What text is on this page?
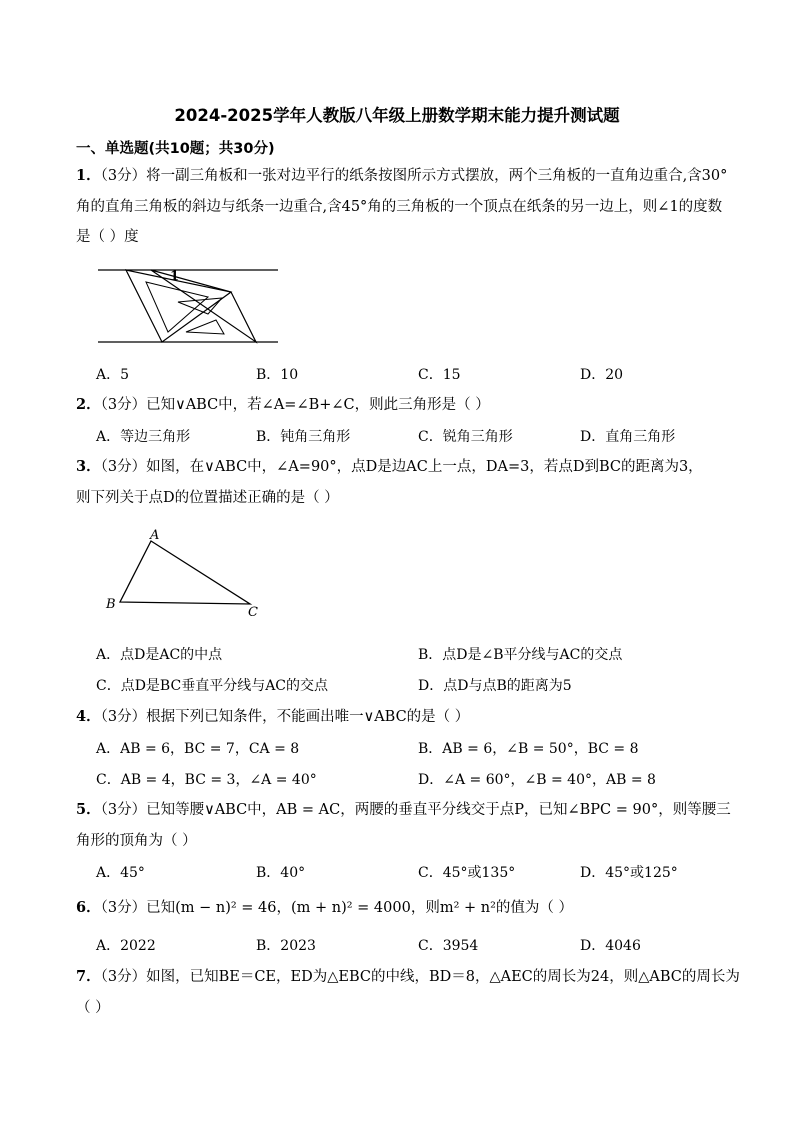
2024-2025学年人教版八年级上册数学期末能力提升测试题
一、单选题(共10题；共30分)
1．（3分）将一副三角板和一张对边平行的纸条按图所示方式摆放，两个三角板的一直角边重合,含30°
角的直角三角板的斜边与纸条一边重合,含45°角的三角板的一个顶点在纸条的另一边上，则∠1的度数
是（ ）度
1
A．5	B．10	C．15	D．20
2．（3分）已知∨ABC中，若∠A=∠B+∠C，则此三角形是（ ）
A．等边三角形	B．钝角三角形	C．锐角三角形	D．直角三角形
3．（3分）如图，在∨ABC中，∠A=90°，点D是边AC上一点，DA=3，若点D到BC的距离为3，
则下列关于点D的位置描述正确的是（ ）
A
B
C
A．点D是AC的中点	B．点D是∠B平分线与AC的交点
C．点D是BC垂直平分线与AC的交点	D．点D与点B的距离为5
4．（3分）根据下列已知条件，不能画出唯一∨ABC的是（ ）
A．AB = 6，BC = 7，CA = 8	B．AB = 6，∠B = 50°，BC = 8
C．AB = 4，BC = 3，∠A = 40°	D．∠A = 60°，∠B = 40°，AB = 8
5．（3分）已知等腰∨ABC中，AB = AC，两腰的垂直平分线交于点P，已知∠BPC = 90°，则等腰三
角形的顶角为（ ）
A．45°	B．40°	C．45°或135°	D．45°或125°
6．（3分）已知(m − n)² = 46，(m + n)² = 4000，则m² + n²的值为（ ）
A．2022	B．2023	C．3954	D．4046
7．（3分）如图，已知BE＝CE，ED为△EBC的中线，BD＝8，△AEC的周长为24，则△ABC的周长为
（ ）
